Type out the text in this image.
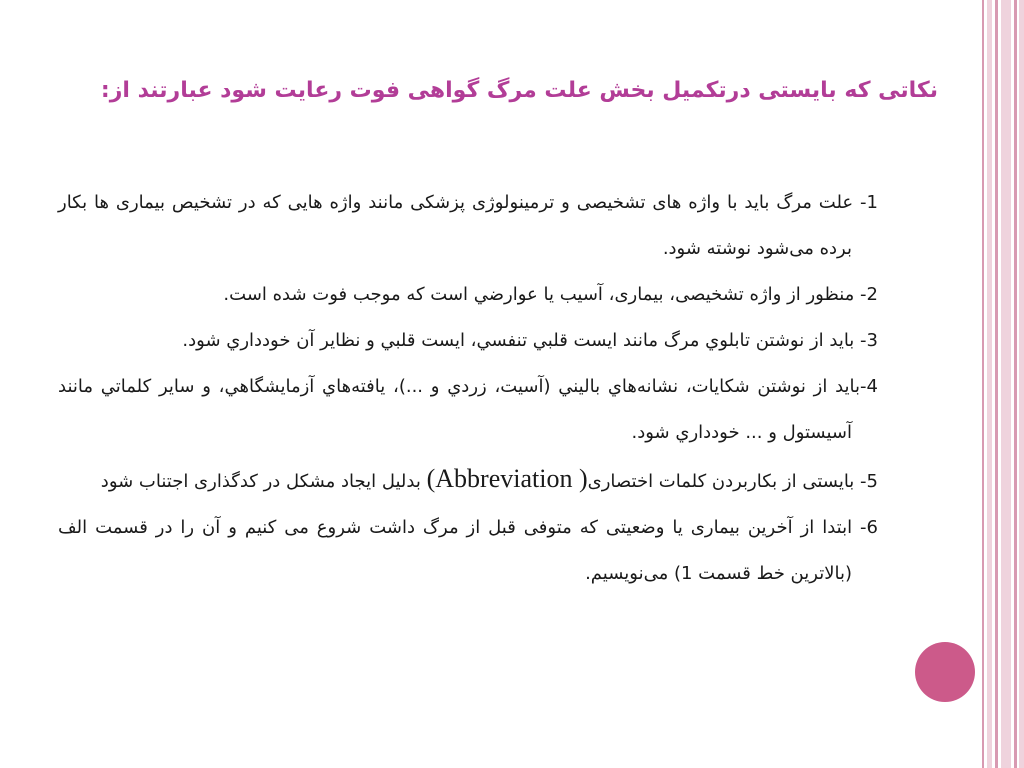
نکاتی که بایستی درتکمیل بخش علت مرگ گواهی فوت رعایت شود عبارتند از:

1- علت مرگ باید با واژه های تشخیصی و ترمینولوژی پزشکی مانند واژه هایی که در تشخیص بیماری ها بکار برده می‌شود نوشته شود.

2- منظور از واژه تشخیصی، بیماری، آسیب یا عوارضي است كه موجب فوت شده است.

3- بايد از نوشتن تابلوي مرگ مانند ايست قلبي تنفسي، ايست قلبي و نظاير آن خودداري شود.

4-بايد از نوشتن شكايات، نشانه‌هاي باليني (آسيت، زردي و ...)، يافته‌هاي آزمايشگاهي، و ساير كلماتي مانند آسيستول و ... خودداري شود.

5- بایستی از بکاربردن کلمات اختصاری(Abbreviation ) بدلیل ایجاد مشکل در کدگذاری اجتناب شود

6- ابتدا از آخرین بیماری یا وضعیتی که متوفی قبل از مرگ داشت شروع می کنیم و آن را در قسمت الف (بالاترین خط قسمت 1) می‌نویسیم.
